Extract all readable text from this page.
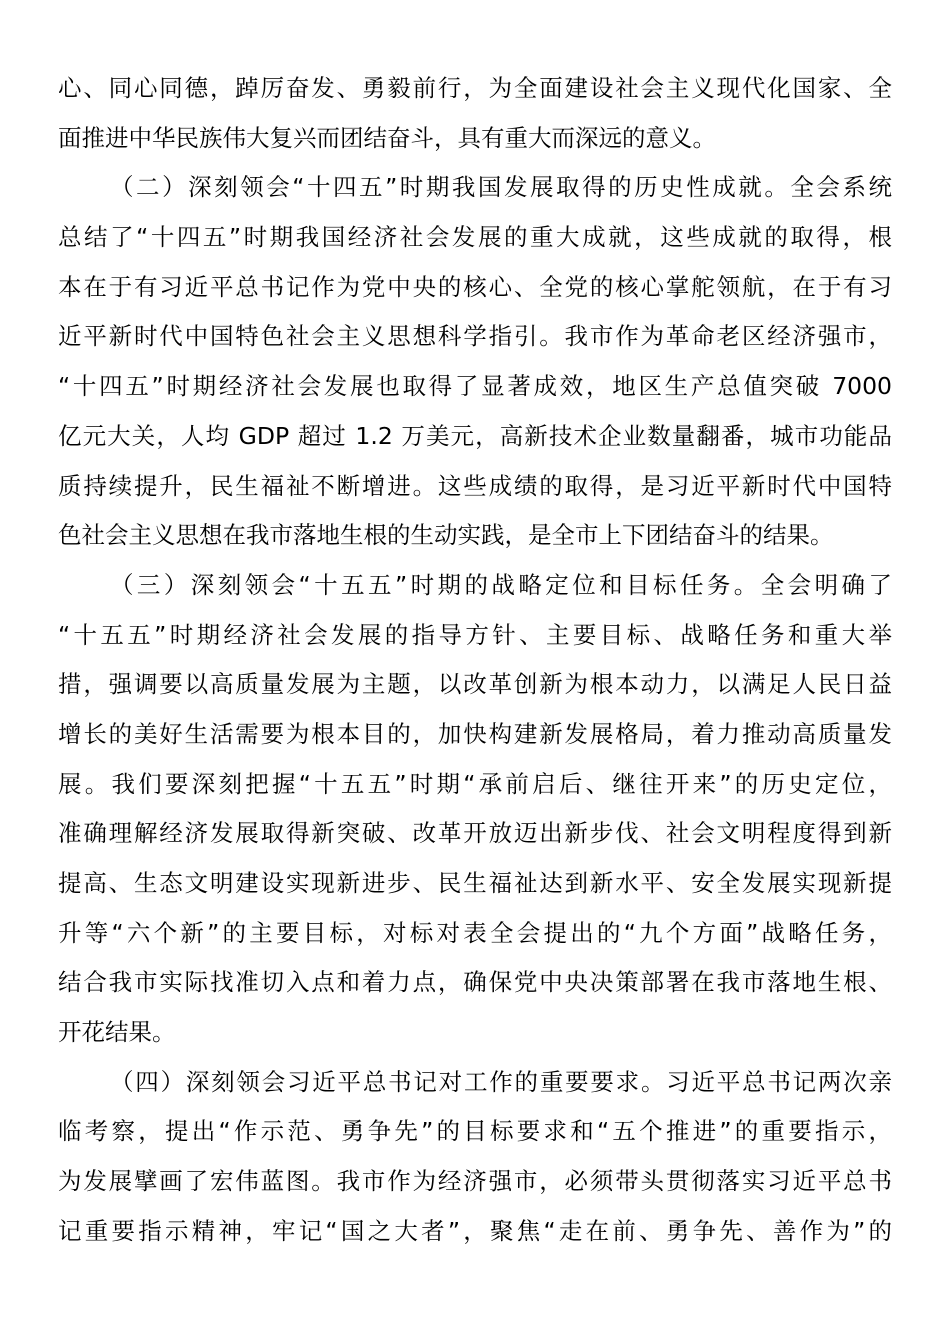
心、同心同德，踔厉奋发、勇毅前行，为全面建设社会主义现代化国家、全
面推进中华民族伟大复兴而团结奋斗，具有重大而深远的意义。
（二）深刻领会“十四五”时期我国发展取得的历史性成就。全会系统
总结了“十四五”时期我国经济社会发展的重大成就，这些成就的取得，根
本在于有习近平总书记作为党中央的核心、全党的核心掌舵领航，在于有习
近平新时代中国特色社会主义思想科学指引。我市作为革命老区经济强市，
“十四五”时期经济社会发展也取得了显著成效，地区生产总值突破 7000
亿元大关，人均 GDP 超过 1.2 万美元，高新技术企业数量翻番，城市功能品
质持续提升，民生福祉不断增进。这些成绩的取得，是习近平新时代中国特
色社会主义思想在我市落地生根的生动实践，是全市上下团结奋斗的结果。
（三）深刻领会“十五五”时期的战略定位和目标任务。全会明确了
“十五五”时期经济社会发展的指导方针、主要目标、战略任务和重大举
措，强调要以高质量发展为主题，以改革创新为根本动力，以满足人民日益
增长的美好生活需要为根本目的，加快构建新发展格局，着力推动高质量发
展。我们要深刻把握“十五五”时期“承前启后、继往开来”的历史定位，
准确理解经济发展取得新突破、改革开放迈出新步伐、社会文明程度得到新
提高、生态文明建设实现新进步、民生福祉达到新水平、安全发展实现新提
升等“六个新”的主要目标，对标对表全会提出的“九个方面”战略任务，
结合我市实际找准切入点和着力点，确保党中央决策部署在我市落地生根、
开花结果。
（四）深刻领会习近平总书记对工作的重要要求。习近平总书记两次亲
临考察，提出“作示范、勇争先”的目标要求和“五个推进”的重要指示，
为发展擘画了宏伟蓝图。我市作为经济强市，必须带头贯彻落实习近平总书
记重要指示精神，牢记“国之大者”，聚焦“走在前、勇争先、善作为”的
